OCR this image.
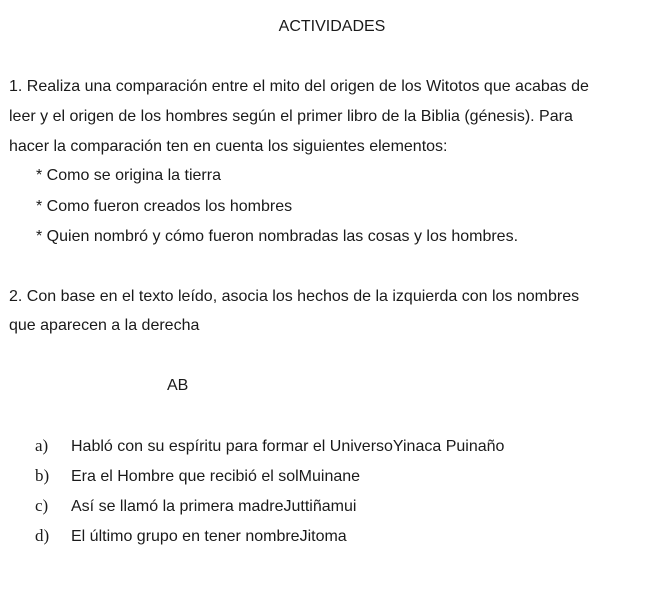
ACTIVIDADES
1. Realiza una comparación entre el mito del origen de los Witotos que acabas de
leer y el origen de los hombres según el primer libro de la Biblia (génesis). Para
hacer la comparación ten en cuenta los siguientes elementos:
* Como se origina la tierra
* Como fueron creados los hombres
* Quien nombró y cómo fueron nombradas las cosas y los hombres.
2. Con base en el texto leído, asocia los hechos de la izquierda con los nombres
que aparecen a la derecha
AB
a) Habló con su espíritu para formar el UniversoYinaca Puinaño
b) Era el Hombre que recibió el solMuinane
c) Así se llamó la primera madreJuttiñamui
d) El último grupo en tener nombreJitoma
